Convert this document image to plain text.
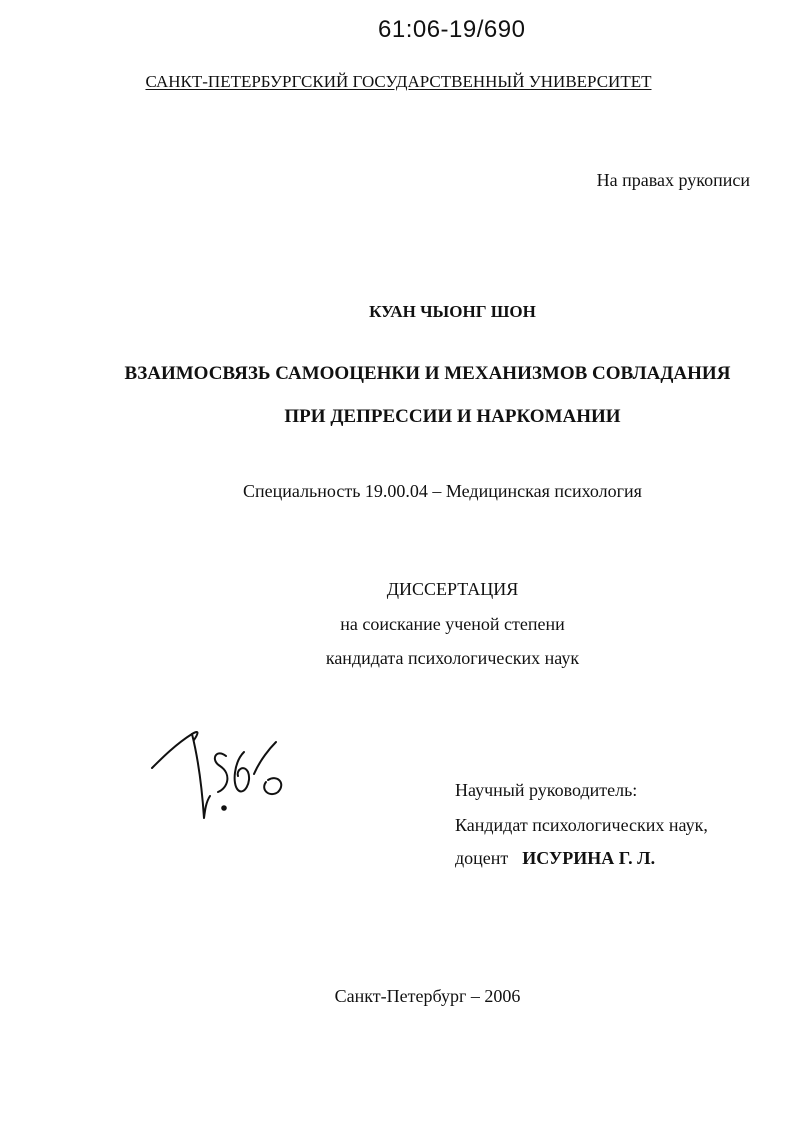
61:06-19/690
САНКТ-ПЕТЕРБУРГСКИЙ ГОСУДАРСТВЕННЫЙ УНИВЕРСИТЕТ
На правах рукописи
КУАН ЧЫОНГ ШОН
ВЗАИМОСВЯЗЬ САМООЦЕНКИ И МЕХАНИЗМОВ СОВЛАДАНИЯ
ПРИ ДЕПРЕССИИ И НАРКОМАНИИ
Специальность 19.00.04 – Медицинская психология
ДИССЕРТАЦИЯ
на соискание ученой степени
кандидата психологических наук
Научный руководитель:
Кандидат психологических наук,
доцент ИСУРИНА Г. Л.
Санкт-Петербург – 2006
